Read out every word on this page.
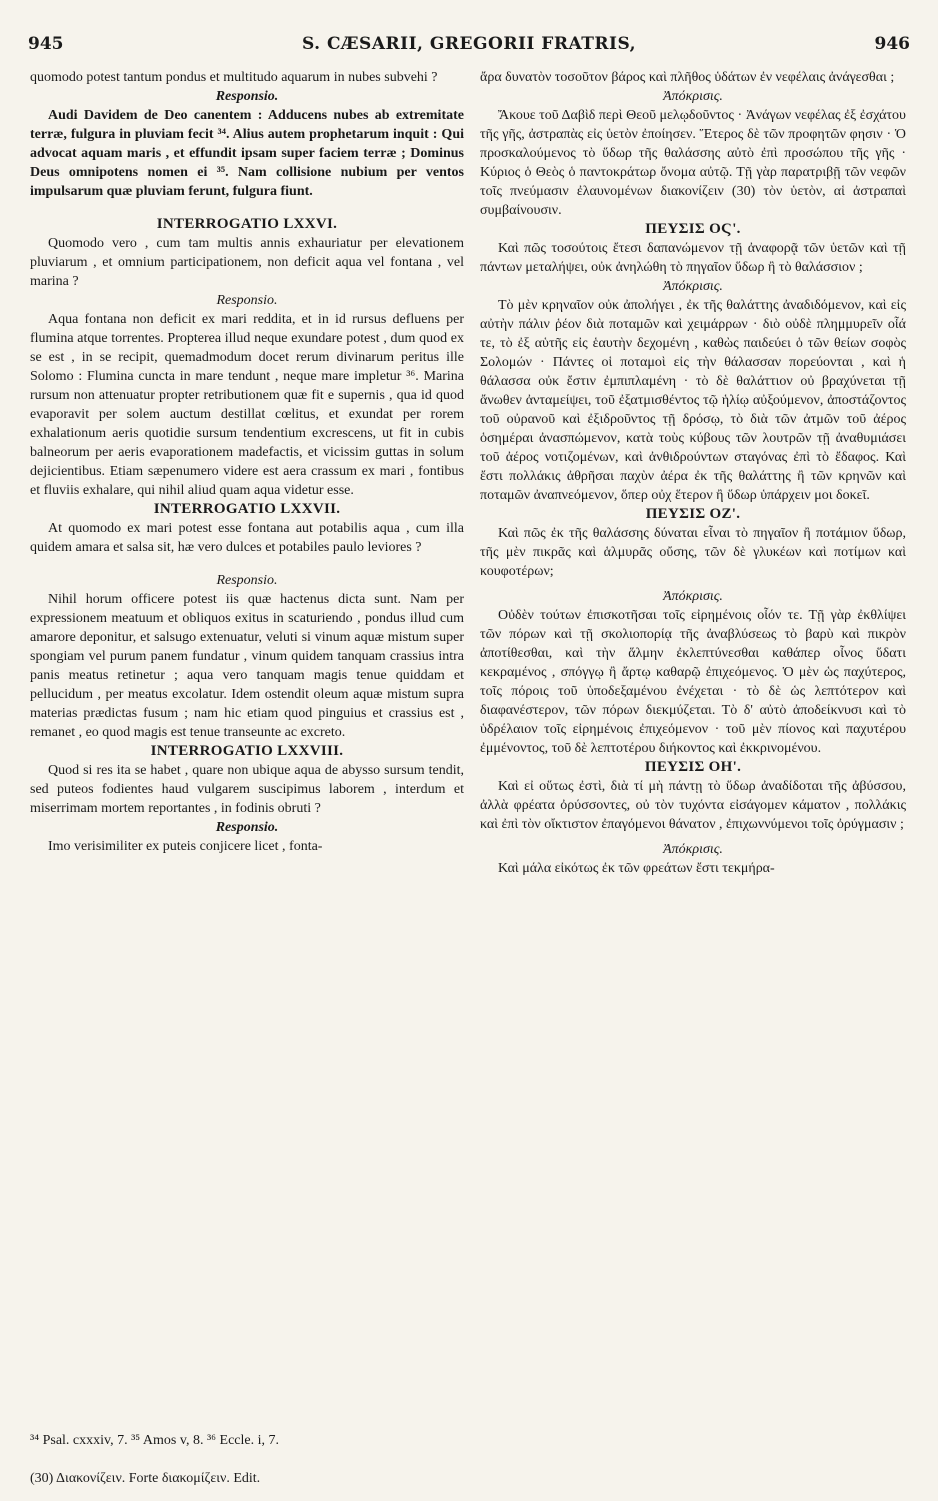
945	S. CÆSARII, GREGORII FRATRIS,	946

quomodo potest tantum pondus et multitudo aquarum in nubes subvehi ?

Responsio.

Audi Davidem de Deo canentem : Adducens nubes ab extremitate terræ, fulgura in pluviam fecit ³⁴. Alius autem prophetarum inquit : Qui advocat aquam maris , et effundit ipsam super faciem terræ ; Dominus Deus omnipotens nomen ei ³⁵. Nam collisione nubium per ventos impulsarum quæ pluviam ferunt, fulgura fiunt.

INTERROGATIO LXXVI.

Quomodo vero , cum tam multis annis exhauriatur per elevationem pluviarum , et omnium participationem, non deficit aqua vel fontana , vel marina ?

Responsio.

Aqua fontana non deficit ex mari reddita, et in id rursus defluens per flumina atque torrentes. Propterea illud neque exundare potest , dum quod ex se est , in se recipit, quemadmodum docet rerum divinarum peritus ille Solomo : Flumina cuncta in mare tendunt , neque mare impletur ³⁶. Marina rursum non attenuatur propter retributionem quæ fit e supernis , qua id quod evaporavit per solem auctum destillat cœlitus, et exundat per rorem exhalationum aeris quotidie sursum tendentium excrescens, ut fit in cubis balneorum per aeris evaporationem madefactis, et vicissim guttas in solum dejicientibus. Etiam sæpenumero videre est aera crassum ex mari , fontibus et fluviis exhalare, qui nihil aliud quam aqua videtur esse.

INTERROGATIO LXXVII.

At quomodo ex mari potest esse fontana aut potabilis aqua , cum illa quidem amara et salsa sit, hæ vero dulces et potabiles paulo leviores ?

Responsio.

Nihil horum officere potest iis quæ hactenus dicta sunt. Nam per expressionem meatuum et obliquos exitus in scaturiendo , pondus illud cum amarore deponitur, et salsugo extenuatur, veluti si vinum aquæ mistum super spongiam vel purum panem fundatur , vinum quidem tanquam crassius intra panis meatus retinetur ; aqua vero tanquam magis tenue quiddam et pellucidum , per meatus excolatur. Idem ostendit oleum aquæ mistum supra materias prædictas fusum ; nam hic etiam quod pinguius et crassius est , remanet , eo quod magis est tenue transeunte ac excreto.

INTERROGATIO LXXVIII.

Quod si res ita se habet , quare non ubique aqua de abysso sursum tendit, sed puteos fodientes haud vulgarem suscipimus laborem , interdum et miserrimam mortem reportantes , in fodinis obruti ?

Responsio.

Imo verisimiliter ex puteis conjicere licet , fonta-

ἄρα δυνατὸν τοσοῦτον βάρος καὶ πλῆθος ὑδάτων ἐν νεφέλαις ἀνάγεσθαι ;

Ἀπόκρισις.

Ἄκουε τοῦ Δαβὶδ περὶ Θεοῦ μελῳδοῦντος · Ἀνάγων νεφέλας ἐξ ἐσχάτου τῆς γῆς, ἀστραπὰς εἰς ὑετὸν ἐποίησεν. Ἕτερος δὲ τῶν προφητῶν φησιν · Ὁ προσκαλούμενος τὸ ὕδωρ τῆς θαλάσσης αὐτὸ ἐπὶ προσώπου τῆς γῆς · Κύριος ὁ Θεὸς ὁ παντοκράτωρ ὄνομα αὐτῷ. Τῇ γὰρ παρατριβῇ τῶν νεφῶν τοῖς πνεύμασιν ἐλαυνομένων διακονίζειν (30) τὸν ὑετὸν, αἱ ἀστραπαὶ συμβαίνουσιν.

ΠΕΥΣΙΣ ΟϚ'.

Καὶ πῶς τοσούτοις ἔτεσι δαπανώμενον τῇ ἀναφορᾷ τῶν ὑετῶν καὶ τῇ πάντων μεταλήψει, οὐκ ἀνηλώθη τὸ πηγαῖον ὕδωρ ἢ τὸ θαλάσσιον ;

Ἀπόκρισις.

Τὸ μὲν κρηναῖον οὐκ ἀπολήγει , ἐκ τῆς θαλάττης ἀναδιδόμενον, καὶ εἰς αὐτὴν πάλιν ῥέον διὰ ποταμῶν καὶ χειμάρρων · διὸ οὐδὲ πλημμυρεῖν οἷά τε, τὸ ἐξ αὑτῆς εἰς ἑαυτὴν δεχομένη , καθὼς παιδεύει ὁ τῶν θείων σοφὸς Σολομών · Πάντες οἱ ποταμοὶ εἰς τὴν θάλασσαν πορεύονται , καὶ ἡ θάλασσα οὐκ ἔστιν ἐμπιπλαμένη · τὸ δὲ θαλάττιον οὐ βραχύνεται τῇ ἄνωθεν ἀνταμείψει, τοῦ ἐξατμισθέντος τῷ ἡλίῳ αὐξούμενον, ἀποστάζοντος τοῦ οὐρανοῦ καὶ ἐξιδροῦντος τῇ δρόσῳ, τὸ διὰ τῶν ἀτμῶν τοῦ ἀέρος ὁσημέραι ἀνασπώμενον, κατὰ τοὺς κύβους τῶν λουτρῶν τῇ ἀναθυμιάσει τοῦ ἀέρος νοτιζομένων, καὶ ἀνθιδρούντων σταγόνας ἐπὶ τὸ ἔδαφος. Καὶ ἔστι πολλάκις ἀθρῆσαι παχὺν ἀέρα ἐκ τῆς θαλάττης ἢ τῶν κρηνῶν καὶ ποταμῶν ἀναπνεόμενον, ὅπερ οὐχ ἕτερον ἢ ὕδωρ ὑπάρχειν μοι δοκεῖ.

ΠΕΥΣΙΣ ΟΖ'.

Καὶ πῶς ἐκ τῆς θαλάσσης δύναται εἶναι τὸ πηγαῖον ἢ ποτάμιον ὕδωρ, τῆς μὲν πικρᾶς καὶ ἁλμυρᾶς οὔσης, τῶν δὲ γλυκέων καὶ ποτίμων καὶ κουφοτέρων;

Ἀπόκρισις.

Οὐδὲν τούτων ἐπισκοτῆσαι τοῖς εἰρημένοις οἷόν τε. Τῇ γὰρ ἐκθλίψει τῶν πόρων καὶ τῇ σκολιοπορίᾳ τῆς ἀναβλύσεως τὸ βαρὺ καὶ πικρὸν ἀποτίθεσθαι, καὶ τὴν ἅλμην ἐκλεπτύνεσθαι καθάπερ οἶνος ὕδατι κεκραμένος , σπόγγῳ ἢ ἄρτῳ καθαρῷ ἐπιχεόμενος. Ὁ μὲν ὡς παχύτερος, τοῖς πόροις τοῦ ὑποδεξαμένου ἐνέχεται · τὸ δὲ ὡς λεπτότερον καὶ διαφανέστερον, τῶν πόρων διεκμύζεται. Τὸ δ' αὐτὸ ἀποδείκνυσι καὶ τὸ ὑδρέλαιον τοῖς εἰρημένοις ἐπιχεόμενον · τοῦ μὲν πίονος καὶ παχυτέρου ἐμμένοντος, τοῦ δὲ λεπτοτέρου διήκοντος καὶ ἐκκρινομένου.

ΠΕΥΣΙΣ ΟΗ'.

Καὶ εἰ οὕτως ἐστὶ, διὰ τί μὴ πάντῃ τὸ ὕδωρ ἀναδίδοται τῆς ἀβύσσου, ἀλλὰ φρέατα ὀρύσσοντες, οὐ τὸν τυχόντα εἰσάγομεν κάματον , πολλάκις καὶ ἐπὶ τὸν οἴκτιστον ἐπαγόμενοι θάνατον , ἐπιχωννύμενοι τοῖς ὀρύγμασιν ;

Ἀπόκρισις.

Καὶ μάλα εἰκότως ἐκ τῶν φρεάτων ἔστι τεκμήρα-

³⁴ Psal. cxxxiv, 7. ³⁵ Amos v, 8. ³⁶ Eccle. i, 7.
(30) Διακονίζειν. Forte διακομίζειν. Edit.
